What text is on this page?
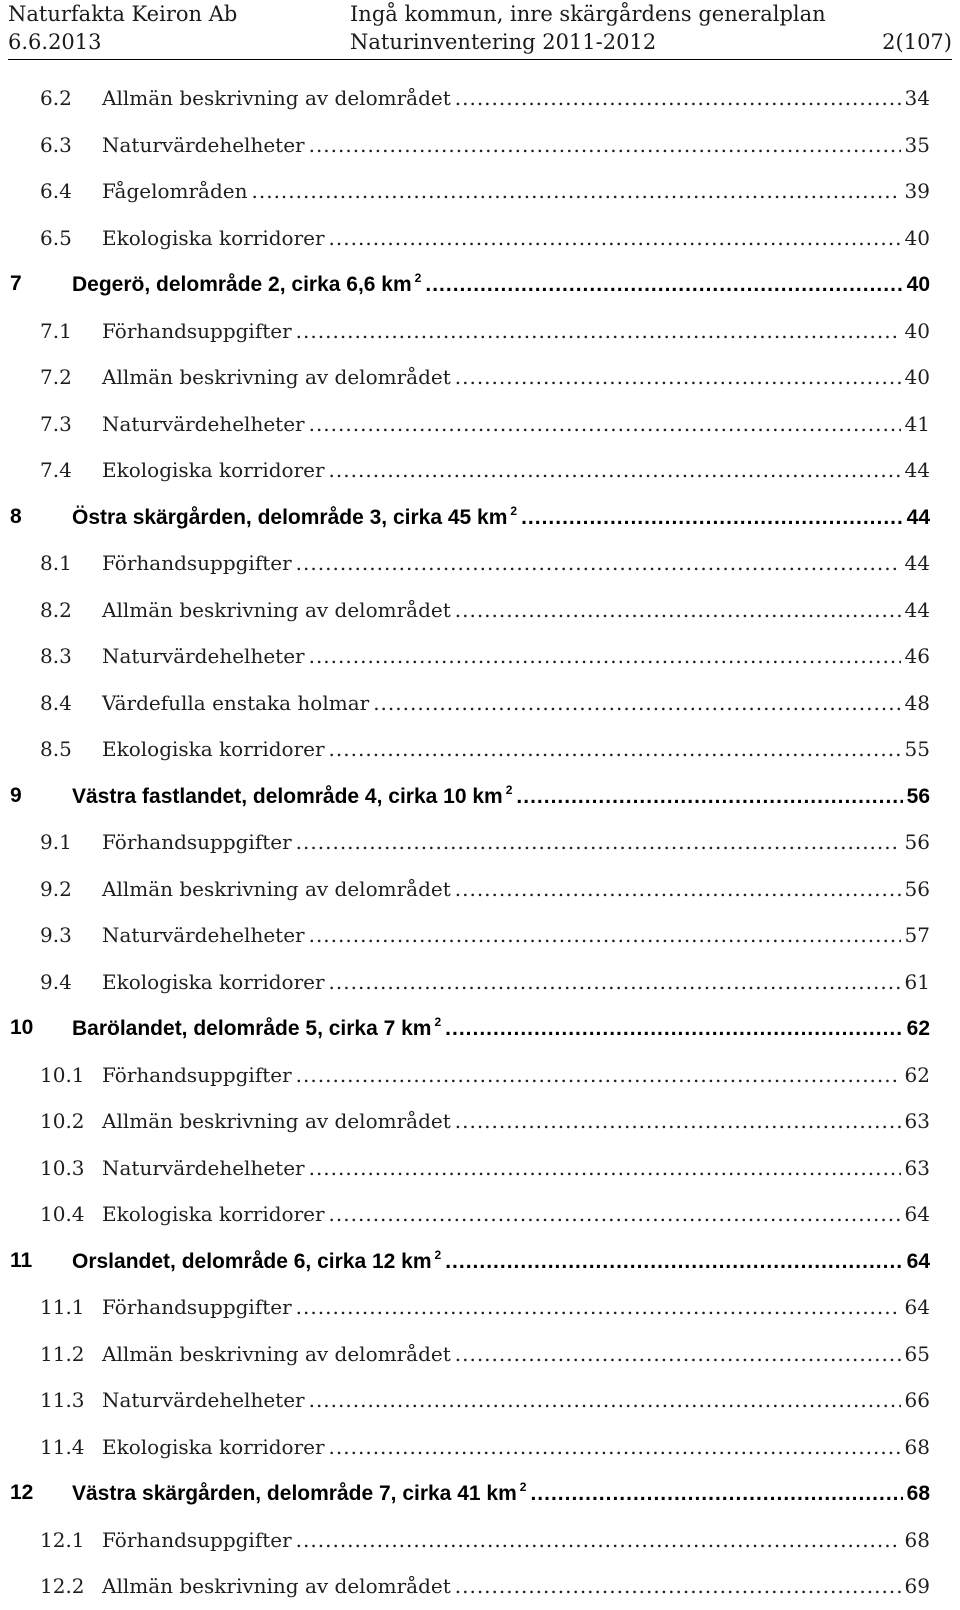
Naturfakta Keiron Ab
6.6.2013
Ingå kommun, inre skärgårdens generalplan
Naturinventering 2011-2012	2(107)
6.2 Allmän beskrivning av delområdet .....	34
6.3 Naturvärdehelheter .....	35
6.4 Fågelområden .....	39
6.5 Ekologiska korridorer .....	40
7 Degerö, delområde 2, cirka 6,6 km $^2$ .....	40
7.1 Förhandsuppgifter .....	40
7.2 Allmän beskrivning av delområdet .....	40
7.3 Naturvärdehelheter .....	41
7.4 Ekologiska korridorer .....	44
8 Östra skärgården, delområde 3, cirka 45 km $^2$ .....	44
8.1 Förhandsuppgifter .....	44
8.2 Allmän beskrivning av delområdet .....	44
8.3 Naturvärdehelheter .....	46
8.4 Värdefulla enstaka holmar .....	48
8.5 Ekologiska korridorer .....	55
9 Västra fastlandet, delområde 4, cirka 10 km $^2$ .....	56
9.1 Förhandsuppgifter .....	56
9.2 Allmän beskrivning av delområdet .....	56
9.3 Naturvärdehelheter .....	57
9.4 Ekologiska korridorer .....	61
10 Barölandet, delområde 5, cirka 7 km $^2$ .....	62
10.1 Förhandsuppgifter .....	62
10.2 Allmän beskrivning av delområdet .....	63
10.3 Naturvärdehelheter .....	63
10.4 Ekologiska korridorer .....	64
11 Orslandet, delområde 6, cirka 12 km $^2$ .....	64
11.1 Förhandsuppgifter .....	64
11.2 Allmän beskrivning av delområdet .....	65
11.3 Naturvärdehelheter .....	66
11.4 Ekologiska korridorer .....	68
12 Västra skärgården, delområde 7, cirka 41 km $^2$ .....	68
12.1 Förhandsuppgifter .....	68
12.2 Allmän beskrivning av delområdet .....	69
